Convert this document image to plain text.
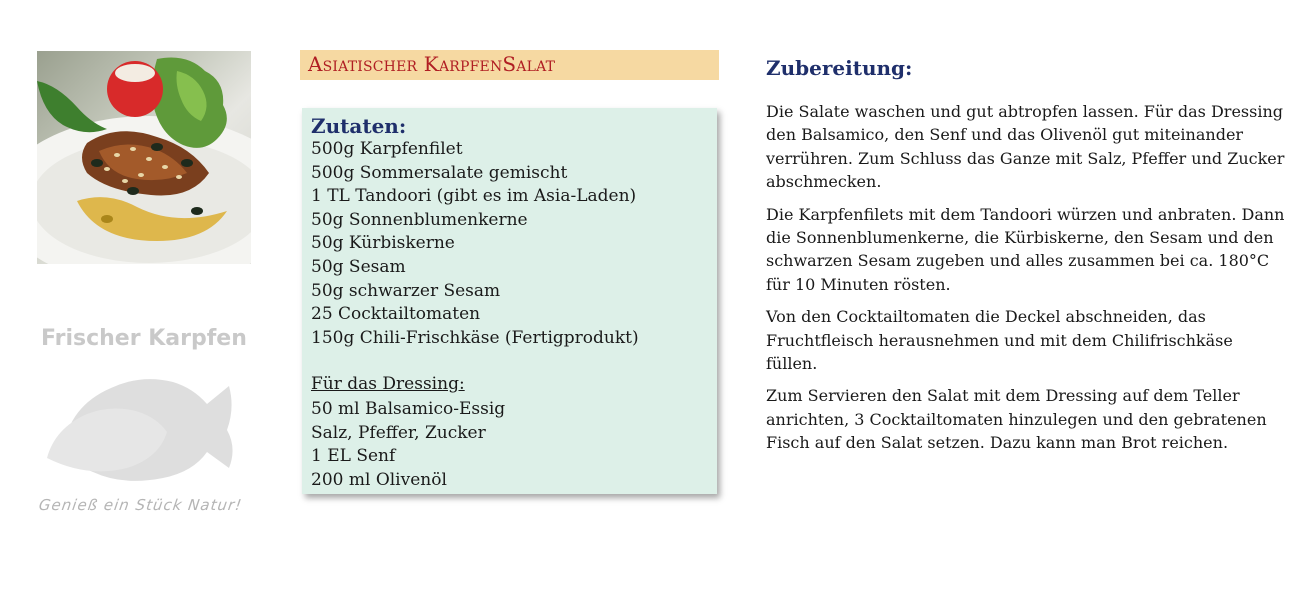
Frischer Karpfen
Genieß ein Stück Natur!
Asiatischer KarpfenSalat
Zutaten:
500g Karpfenfilet
500g Sommersalate gemischt
1 TL Tandoori (gibt es im Asia-Laden)
50g Sonnenblumenkerne
50g Kürbiskerne
50g Sesam
50g schwarzer Sesam
25 Cocktailtomaten
150g Chili-Frischkäse (Fertigprodukt)
Für das Dressing:
50 ml Balsamico-Essig
Salz, Pfeffer, Zucker
1 EL Senf
200 ml Olivenöl
Zubereitung:

Die Salate waschen und gut abtropfen lassen. Für das Dressing den Balsamico, den Senf und das Olivenöl gut miteinander verrühren. Zum Schluss das Ganze mit Salz, Pfeffer und Zucker abschmecken.

Die Karpfenfilets mit dem Tandoori würzen und anbraten. Dann die Sonnenblumenkerne, die Kürbiskerne, den Sesam und den schwarzen Sesam zugeben und alles zusammen bei ca. 180°C für 10 Minuten rösten.

Von den Cocktailtomaten die Deckel abschneiden, das Fruchtfleisch herausnehmen und mit dem Chilifrischkäse füllen.

Zum Servieren den Salat mit dem Dressing auf dem Teller anrichten, 3 Cocktailtomaten hinzulegen und den gebratenen Fisch auf den Salat setzen. Dazu kann man Brot reichen.
